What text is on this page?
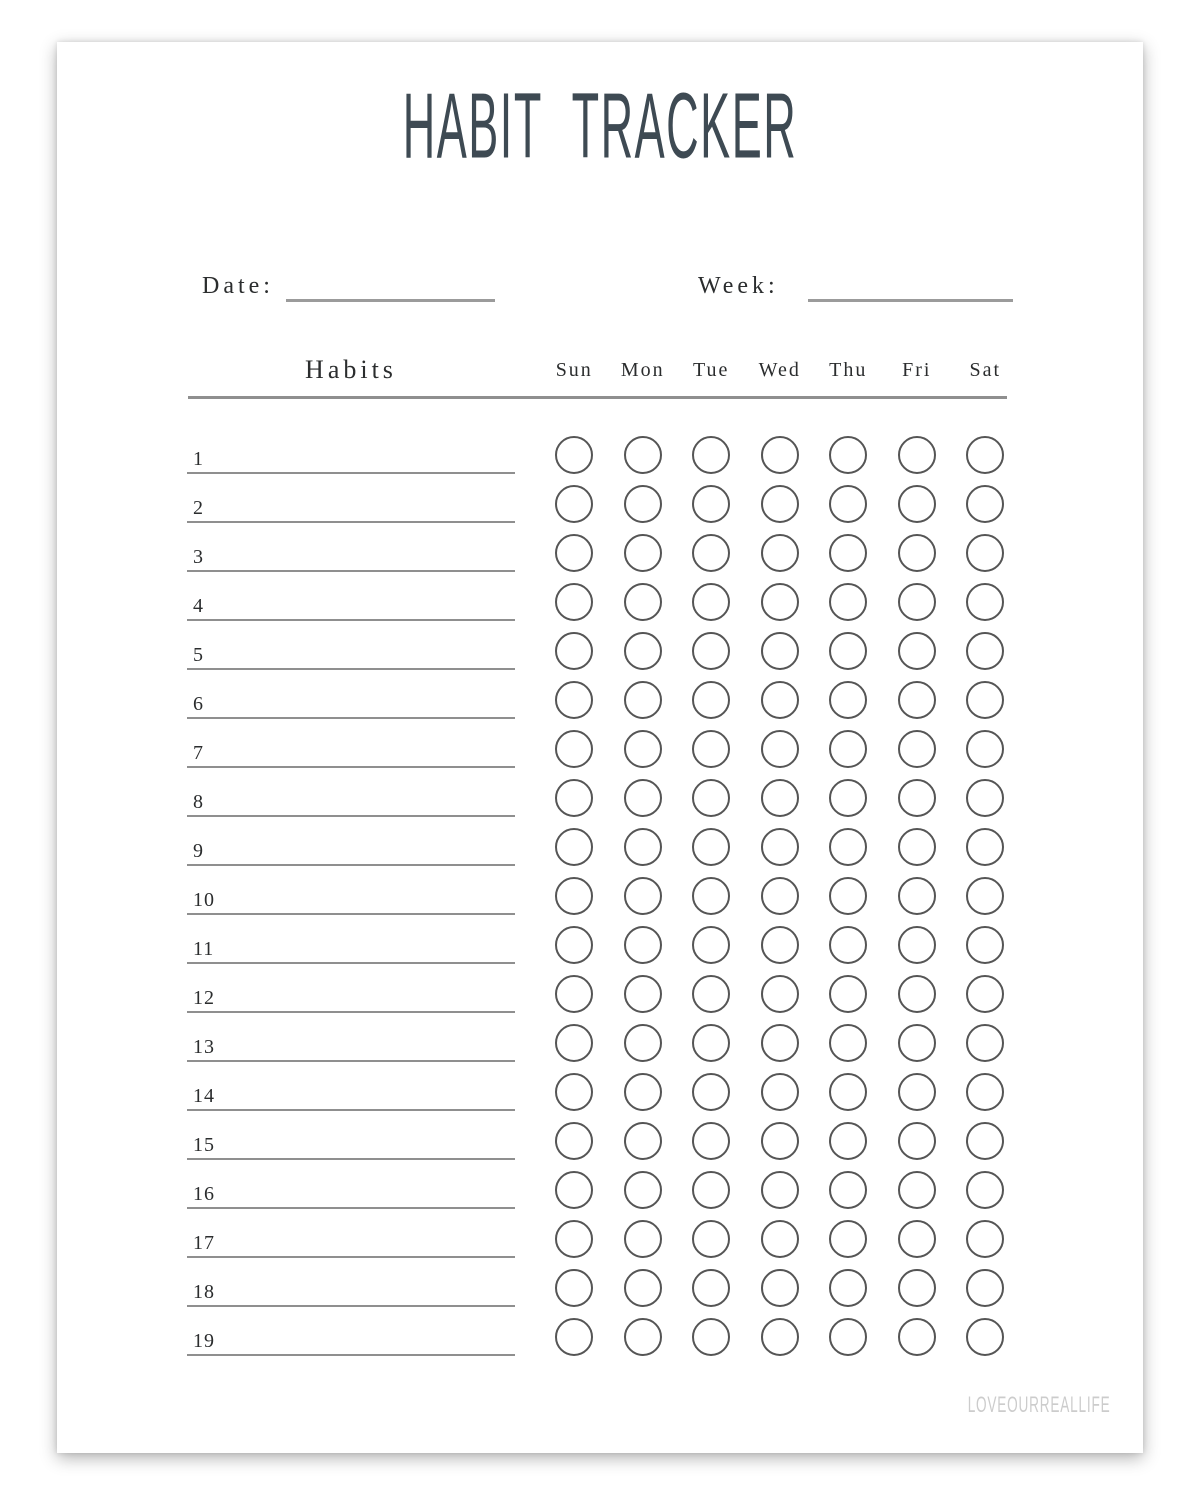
HABIT TRACKER
Date:	Week:
Habits	Sun	Mon	Tue	Wed	Thu	Fri	Sat
1
2
3
4
5
6
7
8
9
10
11
12
13
14
15
16
17
18
19
LOVEOURREALLIFE
